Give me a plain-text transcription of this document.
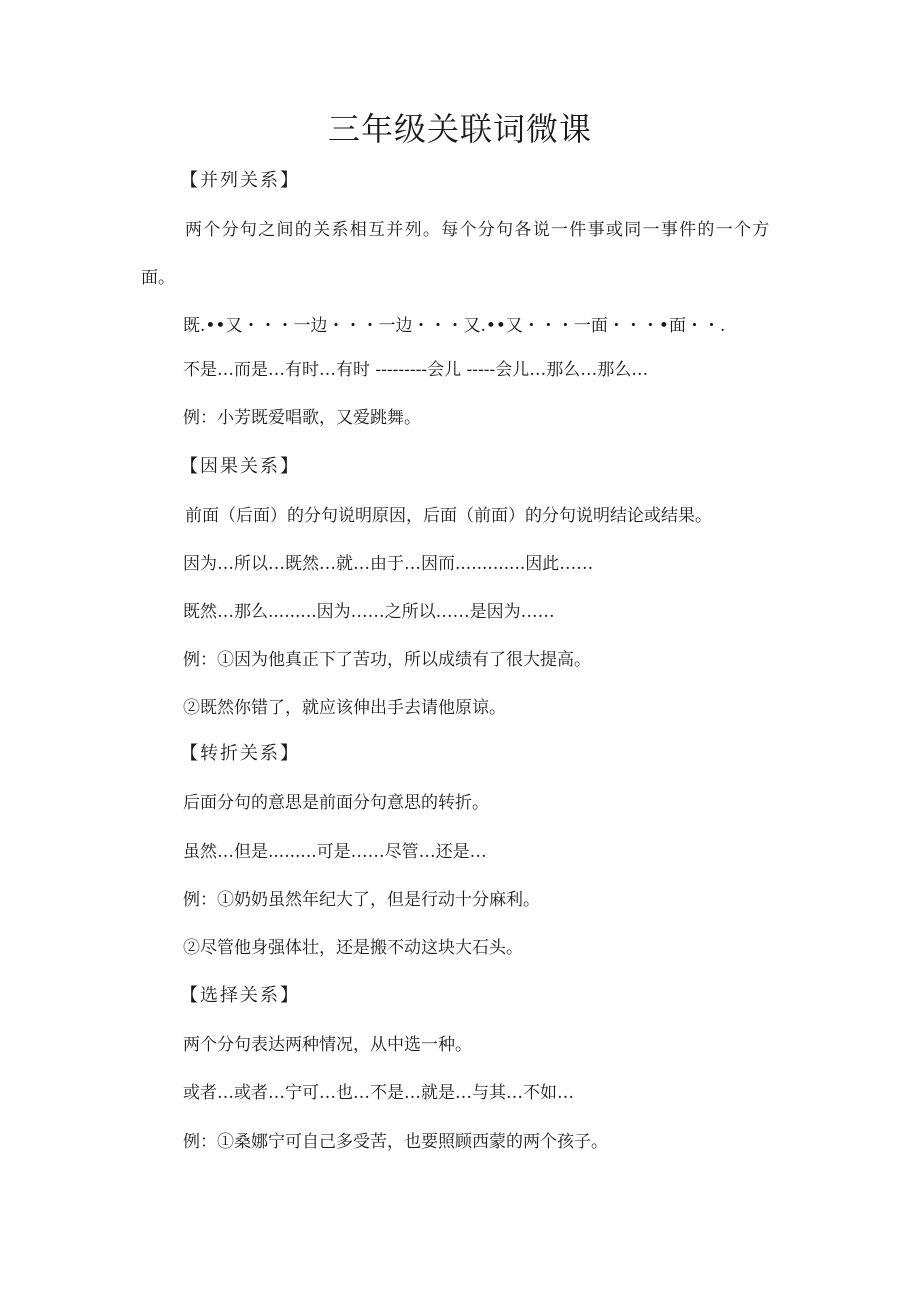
三年级关联词微课
【并列关系】
两个分句之间的关系相互并列。每个分句各说一件事或同一事件的一个方
面。
既.••又・・・一边・・・一边・・・又.••又・・・一面・・・•面・・.
不是…而是…有时…有时 ---------会儿 -----会儿…那么…那么…
例：小芳既爱唱歌，又爱跳舞。
【因果关系】
前面（后面）的分句说明原因，后面（前面）的分句说明结论或结果。
因为…所以…既然…就…由于…因而.............因此……
既然…那么.........因为……之所以……是因为……
例：①因为他真正下了苦功，所以成绩有了很大提高。
②既然你错了，就应该伸出手去请他原谅。
【转折关系】
后面分句的意思是前面分句意思的转折。
虽然…但是.........可是……尽管…还是…
例：①奶奶虽然年纪大了，但是行动十分麻利。
②尽管他身强体壮，还是搬不动这块大石头。
【选择关系】
两个分句表达两种情况，从中选一种。
或者…或者…宁可…也…不是…就是…与其…不如…
例：①桑娜宁可自己多受苦，也要照顾西蒙的两个孩子。
